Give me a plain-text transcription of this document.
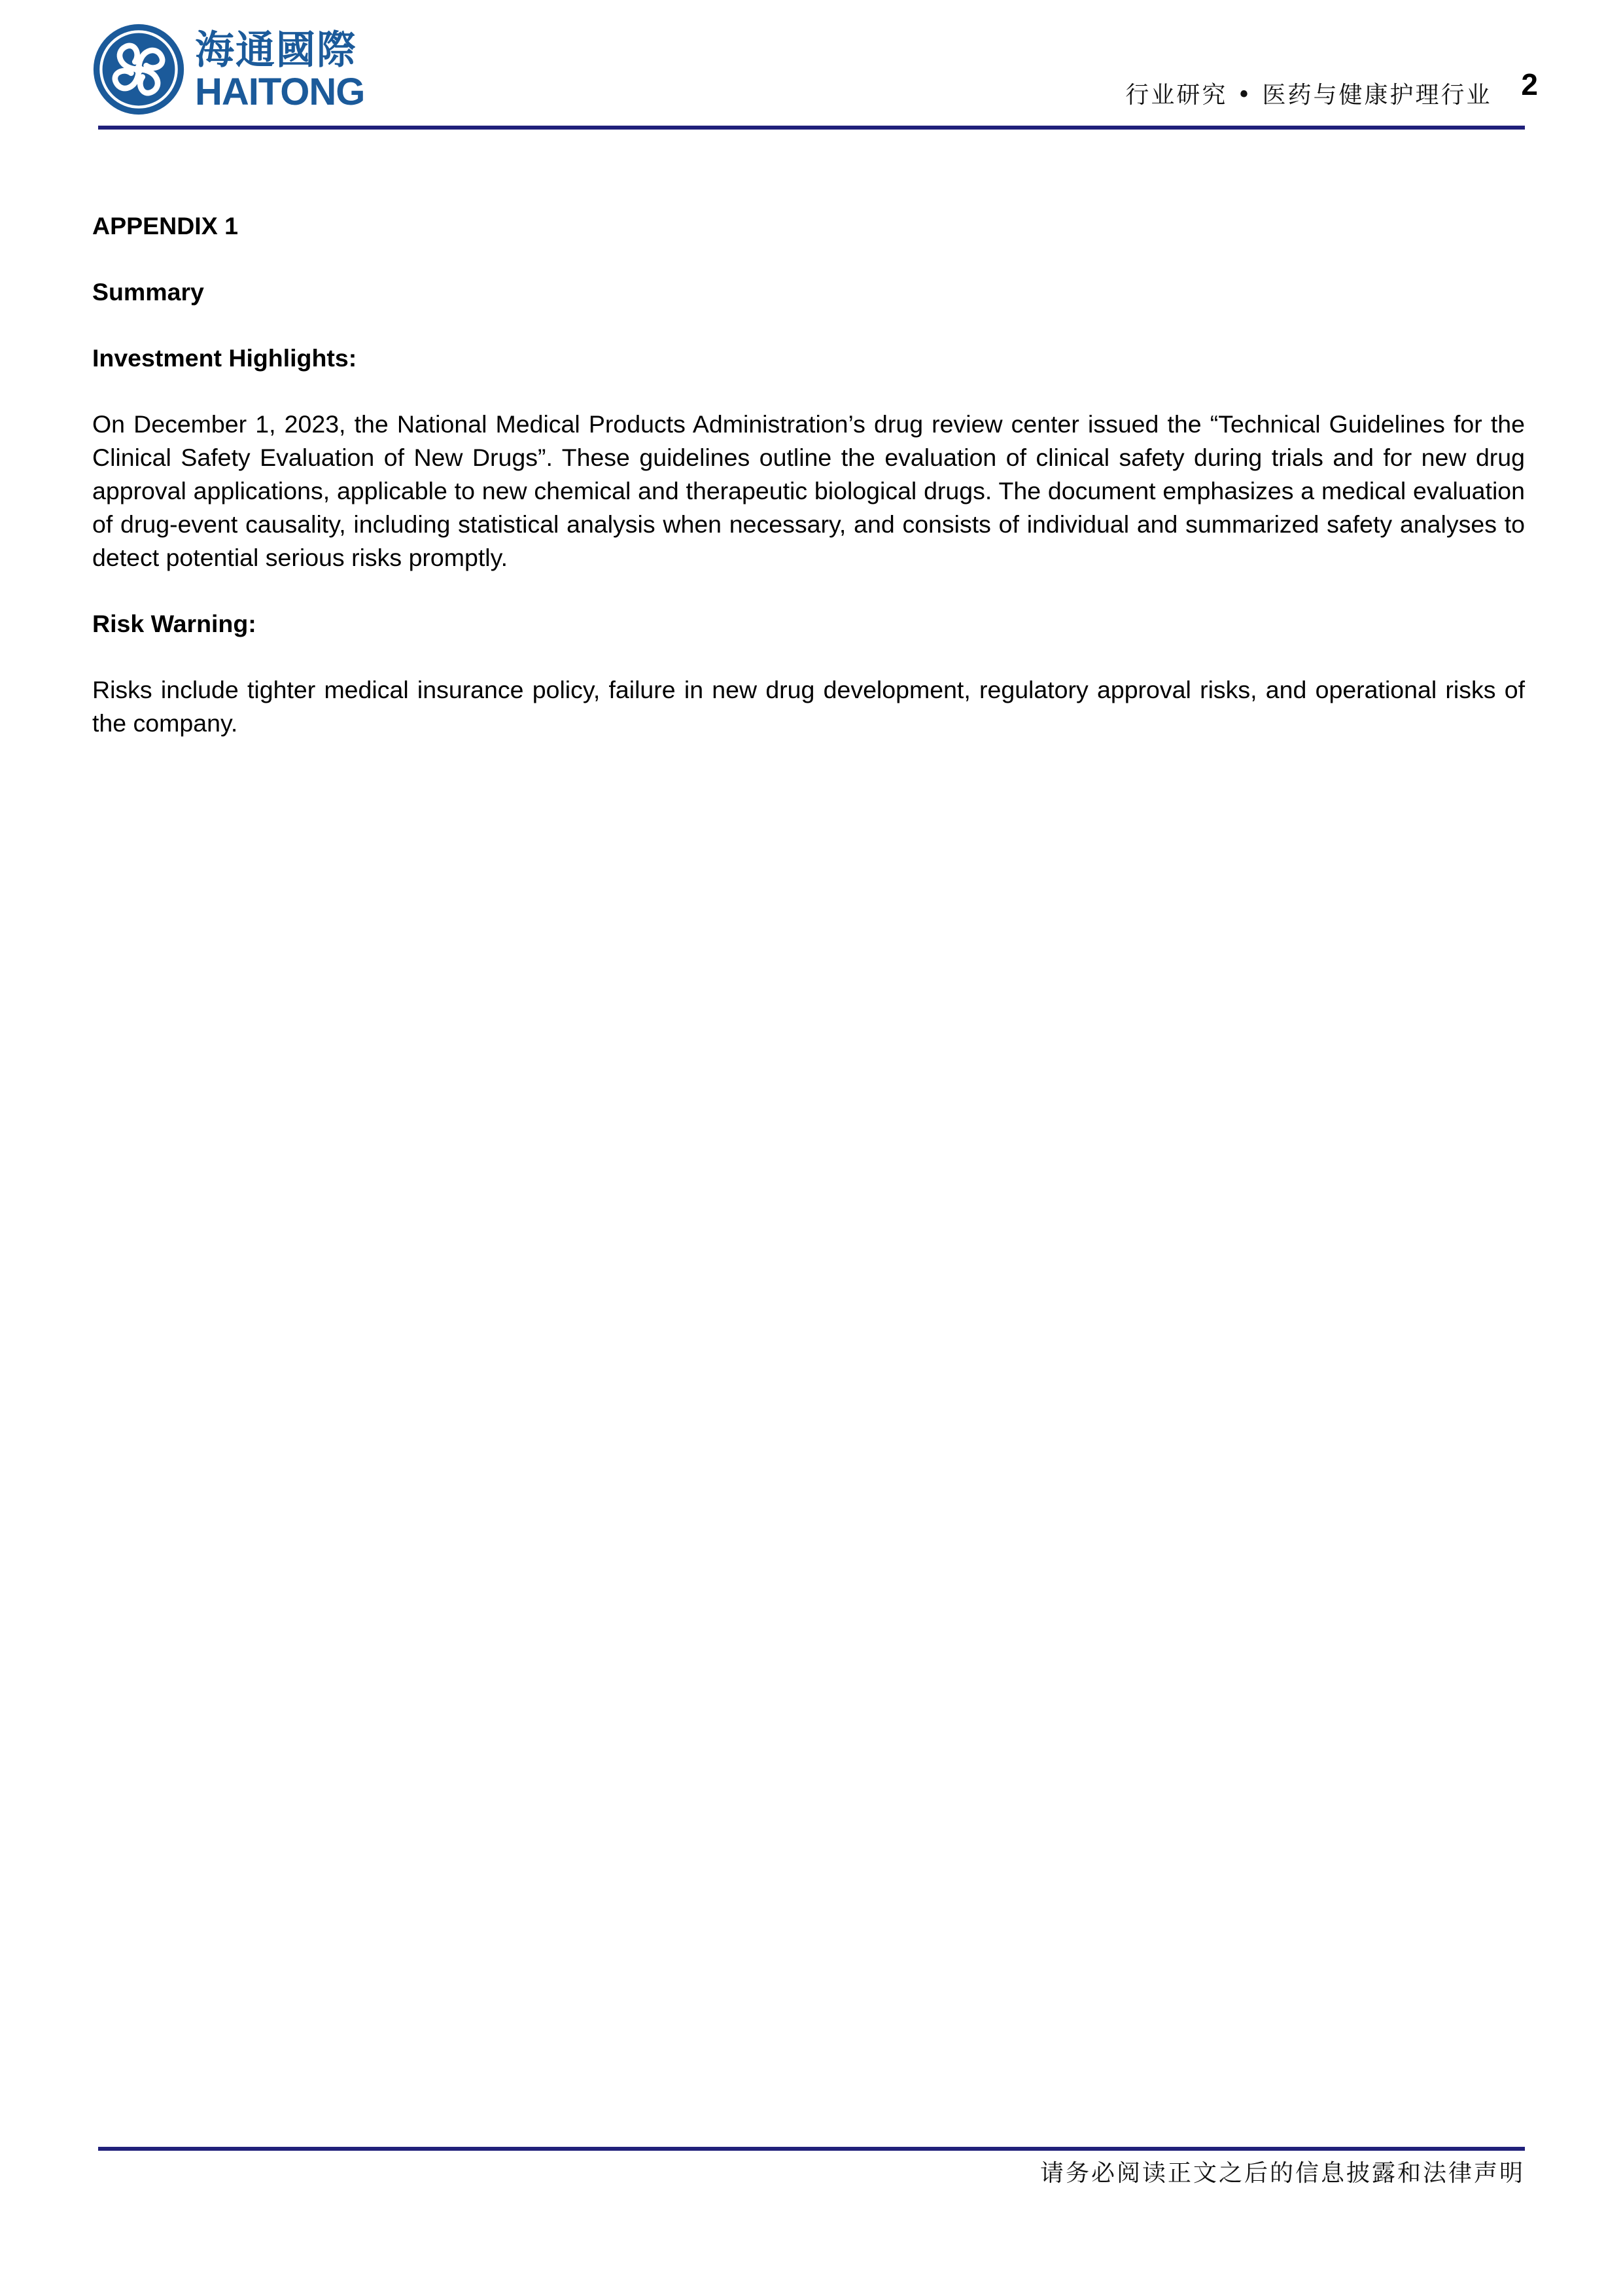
海通國際
HAITONG	行业研究 • 医药与健康护理行业 2

APPENDIX 1

Summary

Investment Highlights:

On December 1, 2023, the National Medical Products Administration’s drug review center issued the “Technical Guidelines for the Clinical Safety Evaluation of New Drugs”. These guidelines outline the evaluation of clinical safety during trials and for new drug approval applications, applicable to new chemical and therapeutic biological drugs. The document emphasizes a medical evaluation of drug-event causality, including statistical analysis when necessary, and consists of individual and summarized safety analyses to detect potential serious risks promptly.

Risk Warning:

Risks include tighter medical insurance policy, failure in new drug development, regulatory approval risks, and operational risks of the company.

请务必阅读正文之后的信息披露和法律声明
